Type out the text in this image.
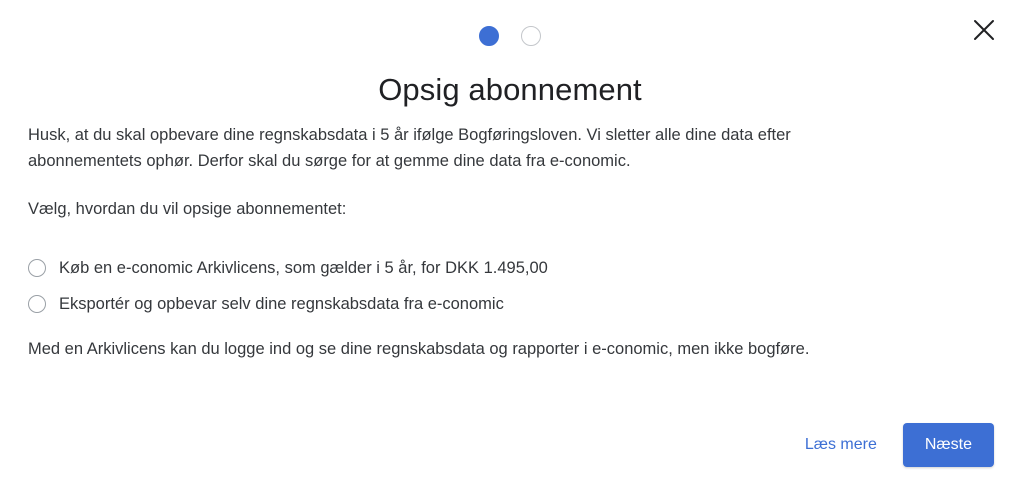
Opsig abonnement

Husk, at du skal opbevare dine regnskabsdata i 5 år ifølge Bogføringsloven. Vi sletter alle dine data efter abonnementets ophør. Derfor skal du sørge for at gemme dine data fra e-conomic.

Vælg, hvordan du vil opsige abonnementet:

Køb en e-conomic Arkivlicens, som gælder i 5 år, for DKK 1.495,00
Eksportér og opbevar selv dine regnskabsdata fra e-conomic

Med en Arkivlicens kan du logge ind og se dine regnskabsdata og rapporter i e-conomic, men ikke bogføre.

Læs mere	Næste
